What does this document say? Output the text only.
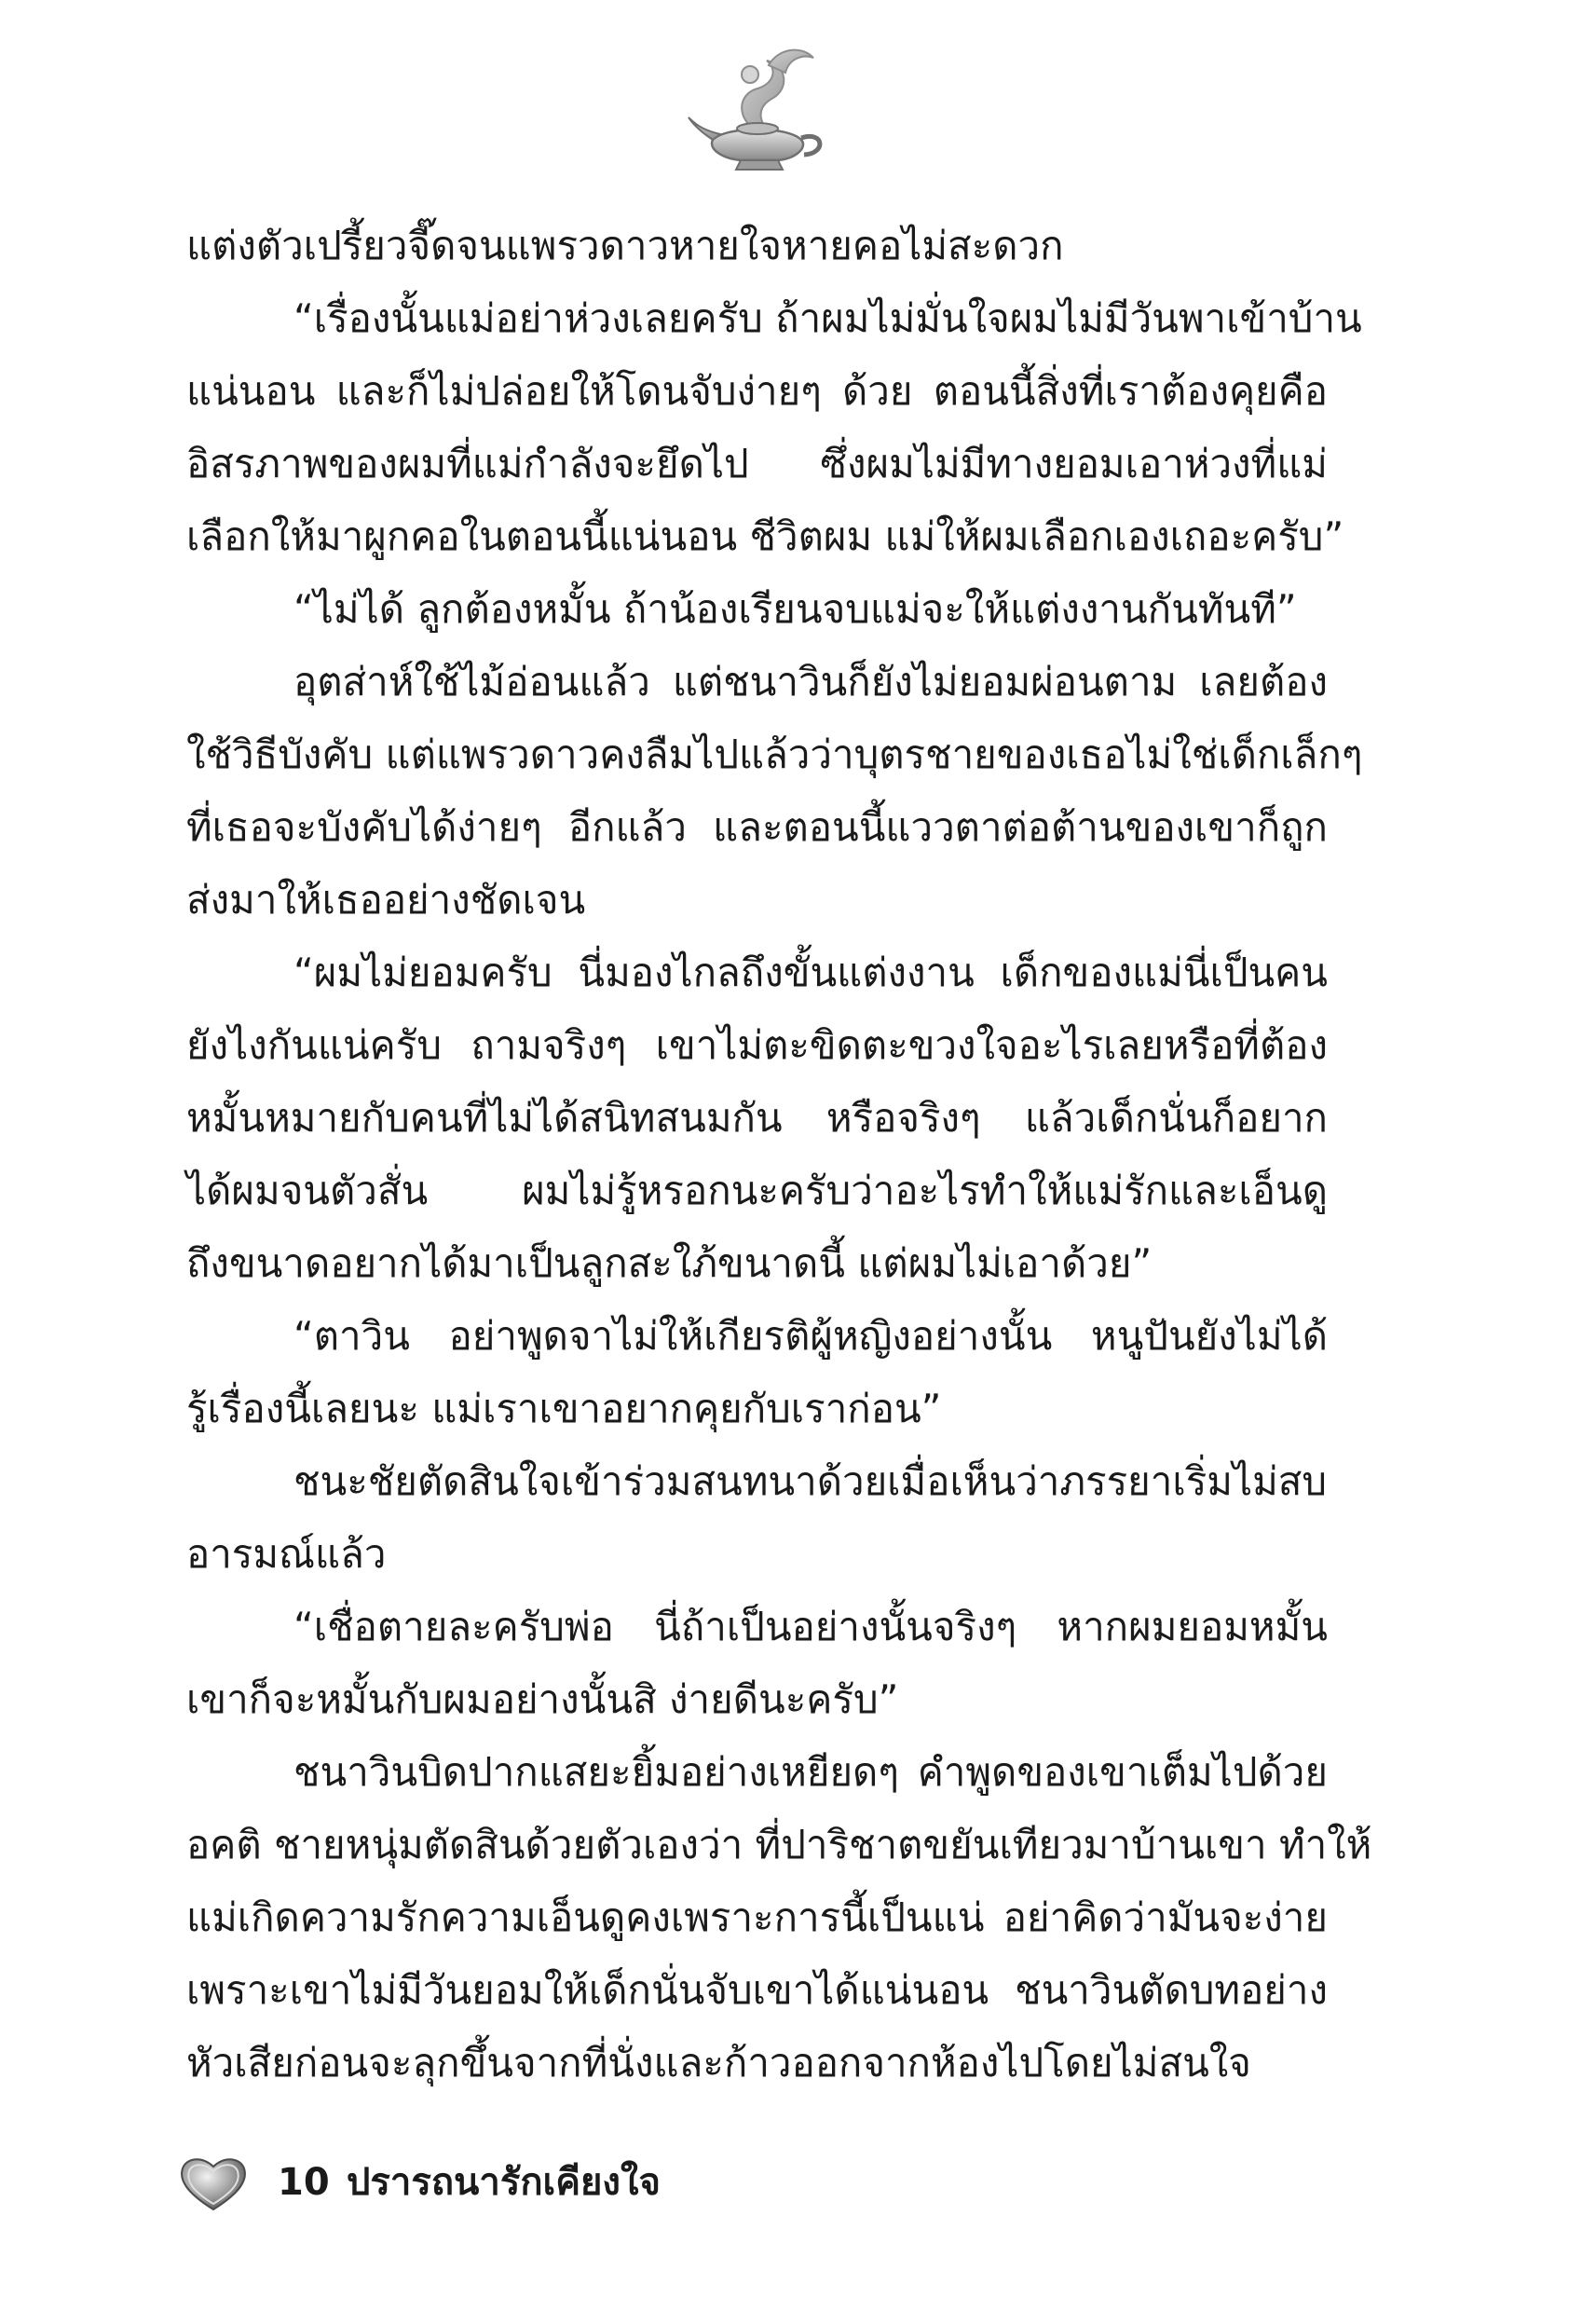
แต่งตัวเปรี้ยวจี๊ดจนแพรวดาวหายใจหายคอไม่สะดวก
“เรื่องนั้นแม่อย่าห่วงเลยครับ ถ้าผมไม่มั่นใจผมไม่มีวันพาเข้าบ้าน
แน่นอน และก็ไม่ปล่อยให้โดนจับง่ายๆ ด้วย ตอนนี้สิ่งที่เราต้องคุยคือ
อิสรภาพของผมที่แม่กำลังจะยึดไป ซึ่งผมไม่มีทางยอมเอาห่วงที่แม่
เลือกให้มาผูกคอในตอนนี้แน่นอน ชีวิตผม แม่ให้ผมเลือกเองเถอะครับ”
“ไม่ได้ ลูกต้องหมั้น ถ้าน้องเรียนจบแม่จะให้แต่งงานกันทันที”
อุตส่าห์ใช้ไม้อ่อนแล้ว แต่ชนาวินก็ยังไม่ยอมผ่อนตาม เลยต้อง
ใช้วิธีบังคับ แต่แพรวดาวคงลืมไปแล้วว่าบุตรชายของเธอไม่ใช่เด็กเล็กๆ
ที่เธอจะบังคับได้ง่ายๆ อีกแล้ว และตอนนี้แววตาต่อต้านของเขาก็ถูก
ส่งมาให้เธออย่างชัดเจน
“ผมไม่ยอมครับ นี่มองไกลถึงขั้นแต่งงาน เด็กของแม่นี่เป็นคน
ยังไงกันแน่ครับ ถามจริงๆ เขาไม่ตะขิดตะขวงใจอะไรเลยหรือที่ต้อง
หมั้นหมายกับคนที่ไม่ได้สนิทสนมกัน หรือจริงๆ แล้วเด็กนั่นก็อยาก
ได้ผมจนตัวสั่น ผมไม่รู้หรอกนะครับว่าอะไรทำให้แม่รักและเอ็นดู
ถึงขนาดอยากได้มาเป็นลูกสะใภ้ขนาดนี้ แต่ผมไม่เอาด้วย”
“ตาวิน อย่าพูดจาไม่ให้เกียรติผู้หญิงอย่างนั้น หนูปันยังไม่ได้
รู้เรื่องนี้เลยนะ แม่เราเขาอยากคุยกับเราก่อน”
ชนะชัยตัดสินใจเข้าร่วมสนทนาด้วยเมื่อเห็นว่าภรรยาเริ่มไม่สบ
อารมณ์แล้ว
“เชื่อตายละครับพ่อ นี่ถ้าเป็นอย่างนั้นจริงๆ หากผมยอมหมั้น
เขาก็จะหมั้นกับผมอย่างนั้นสิ ง่ายดีนะครับ”
ชนาวินบิดปากแสยะยิ้มอย่างเหยียดๆ คำพูดของเขาเต็มไปด้วย
อคติ ชายหนุ่มตัดสินด้วยตัวเองว่า ที่ปาริชาตขยันเทียวมาบ้านเขา ทำให้
แม่เกิดความรักความเอ็นดูคงเพราะการนี้เป็นแน่ อย่าคิดว่ามันจะง่าย
เพราะเขาไม่มีวันยอมให้เด็กนั่นจับเขาได้แน่นอน ชนาวินตัดบทอย่าง
หัวเสียก่อนจะลุกขึ้นจากที่นั่งและก้าวออกจากห้องไปโดยไม่สนใจ
10 ปรารถนารักเคียงใจ
